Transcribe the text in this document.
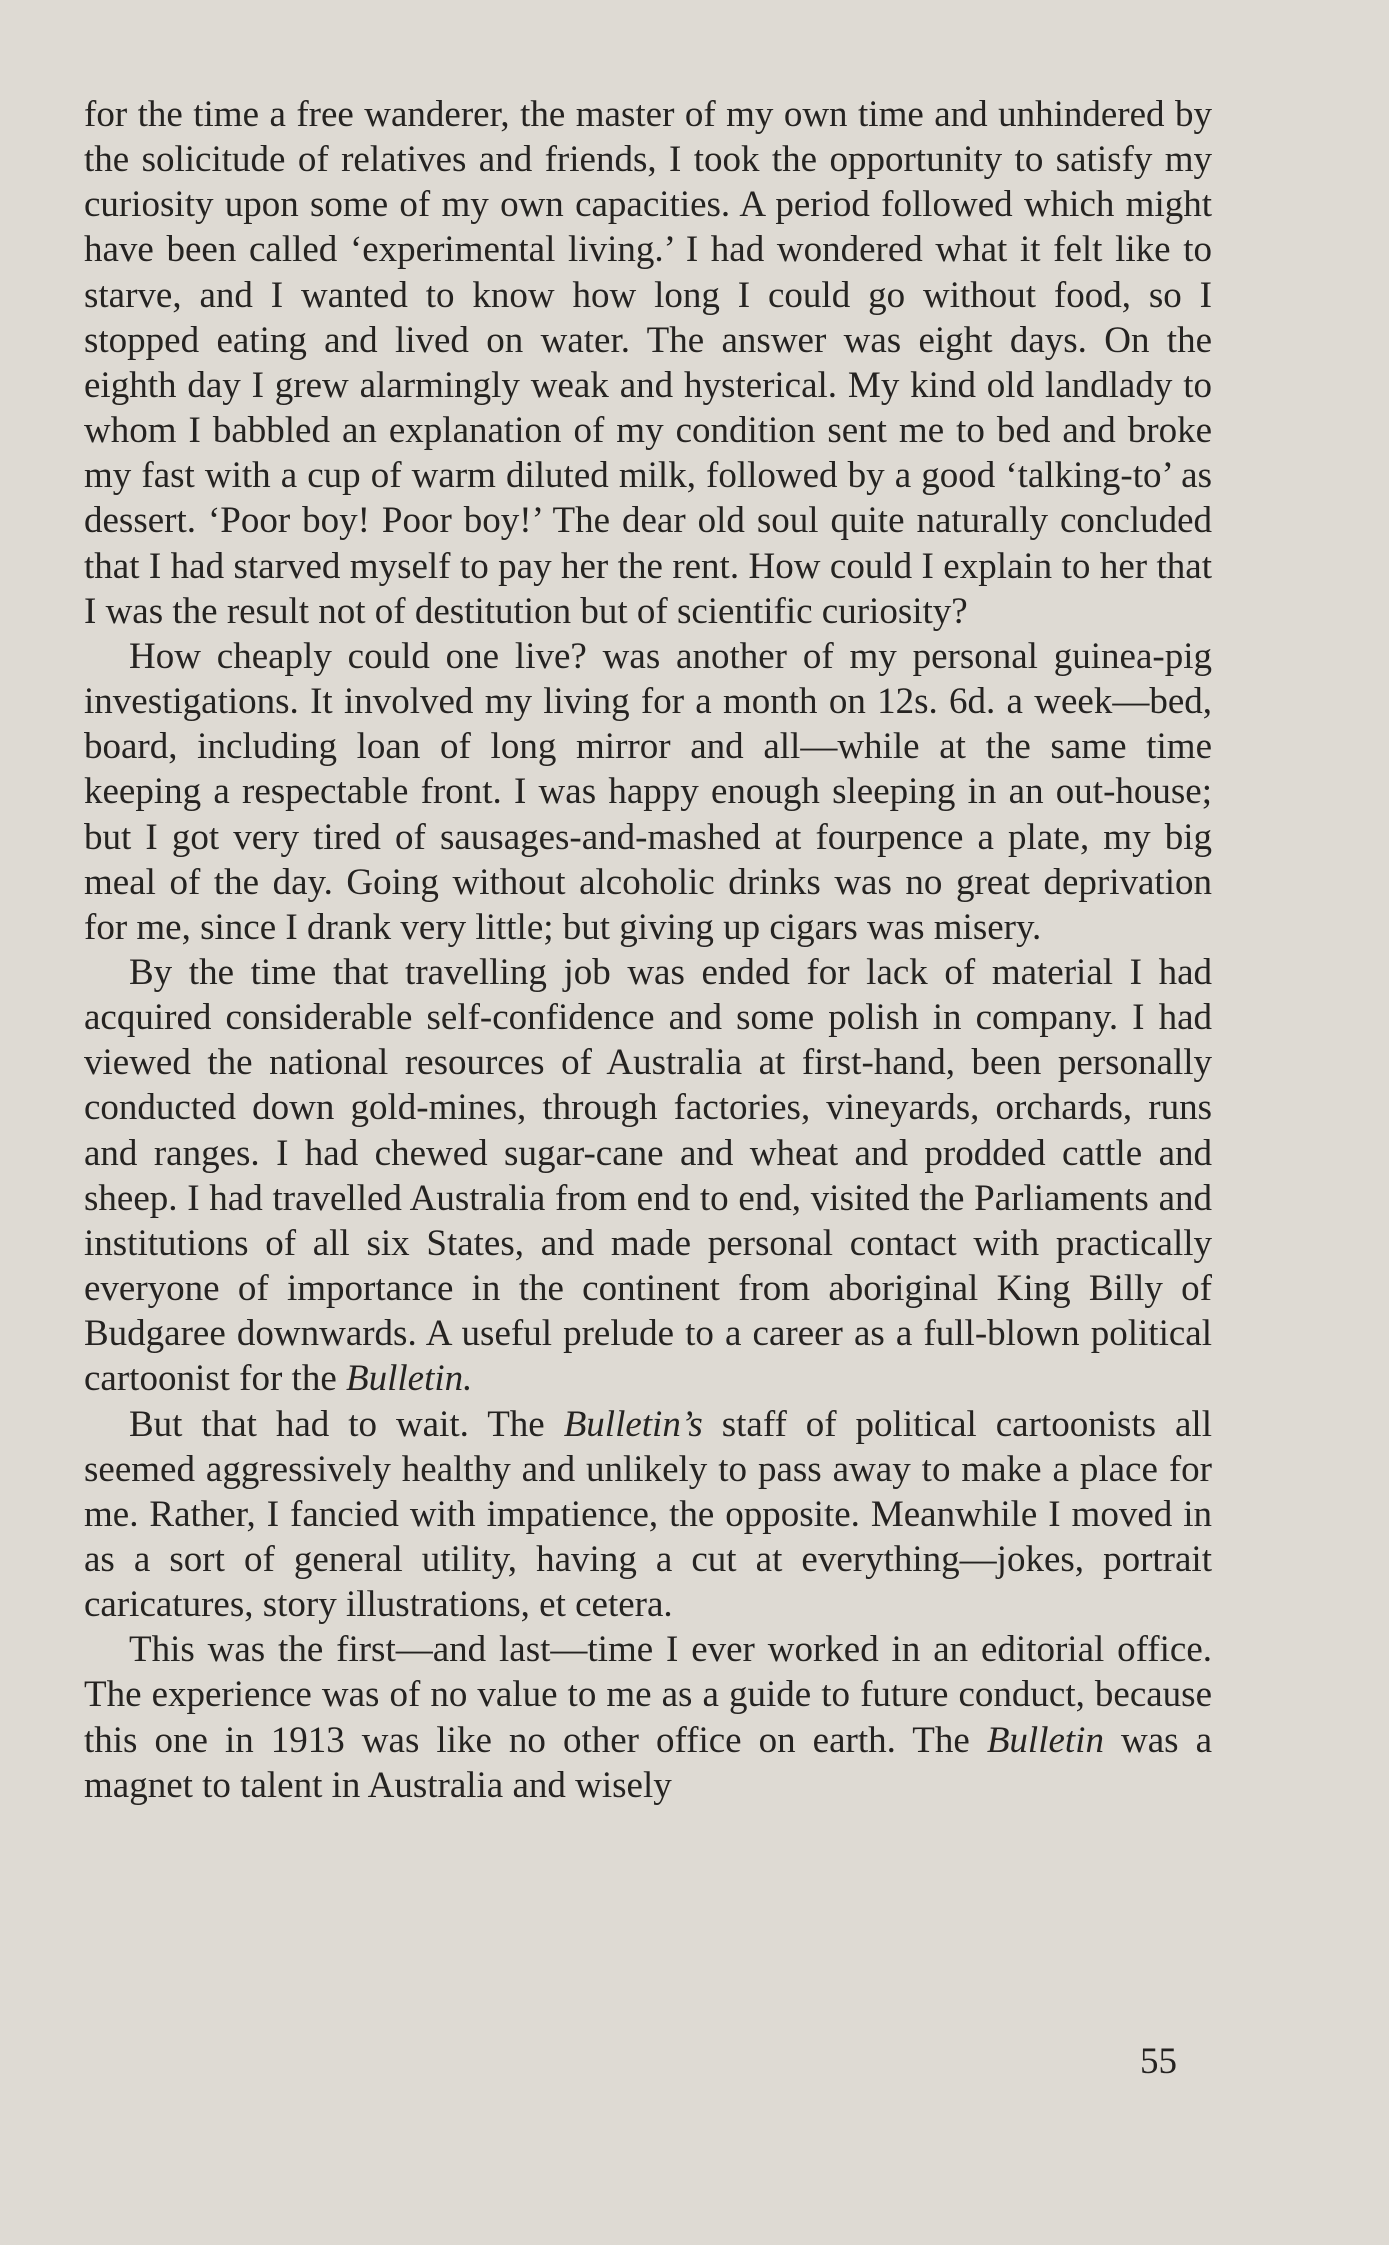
for the time a free wanderer, the master of my own time and unhindered by the solicitude of relatives and friends, I took the opportunity to satisfy my curiosity upon some of my own capacities. A period followed which might have been called ‘experimental living.’ I had wondered what it felt like to starve, and I wanted to know how long I could go without food, so I stopped eating and lived on water. The answer was eight days. On the eighth day I grew alarmingly weak and hysterical. My kind old landlady to whom I babbled an explanation of my condition sent me to bed and broke my fast with a cup of warm diluted milk, followed by a good ‘talking-to’ as dessert. ‘Poor boy! Poor boy!’ The dear old soul quite naturally concluded that I had starved myself to pay her the rent. How could I explain to her that I was the result not of destitution but of scientific curiosity?

How cheaply could one live? was another of my personal guinea-pig investigations. It involved my living for a month on 12s. 6d. a week—bed, board, including loan of long mirror and all—while at the same time keeping a respectable front. I was happy enough sleeping in an out-house; but I got very tired of sausages-and-mashed at fourpence a plate, my big meal of the day. Going without alcoholic drinks was no great deprivation for me, since I drank very little; but giving up cigars was misery.

By the time that travelling job was ended for lack of material I had acquired considerable self-confidence and some polish in company. I had viewed the national resources of Australia at first-hand, been personally conducted down gold-mines, through factories, vineyards, orchards, runs and ranges. I had chewed sugar-cane and wheat and prodded cattle and sheep. I had travelled Australia from end to end, visited the Parliaments and institutions of all six States, and made personal contact with practically everyone of importance in the continent from aboriginal King Billy of Budgaree downwards. A useful prelude to a career as a full-blown political cartoonist for the Bulletin.

But that had to wait. The Bulletin’s staff of political cartoonists all seemed aggressively healthy and unlikely to pass away to make a place for me. Rather, I fancied with impatience, the opposite. Meanwhile I moved in as a sort of general utility, having a cut at everything—jokes, portrait caricatures, story illustrations, et cetera.

This was the first—and last—time I ever worked in an editorial office. The experience was of no value to me as a guide to future conduct, because this one in 1913 was like no other office on earth. The Bulletin was a magnet to talent in Australia and wisely

55
